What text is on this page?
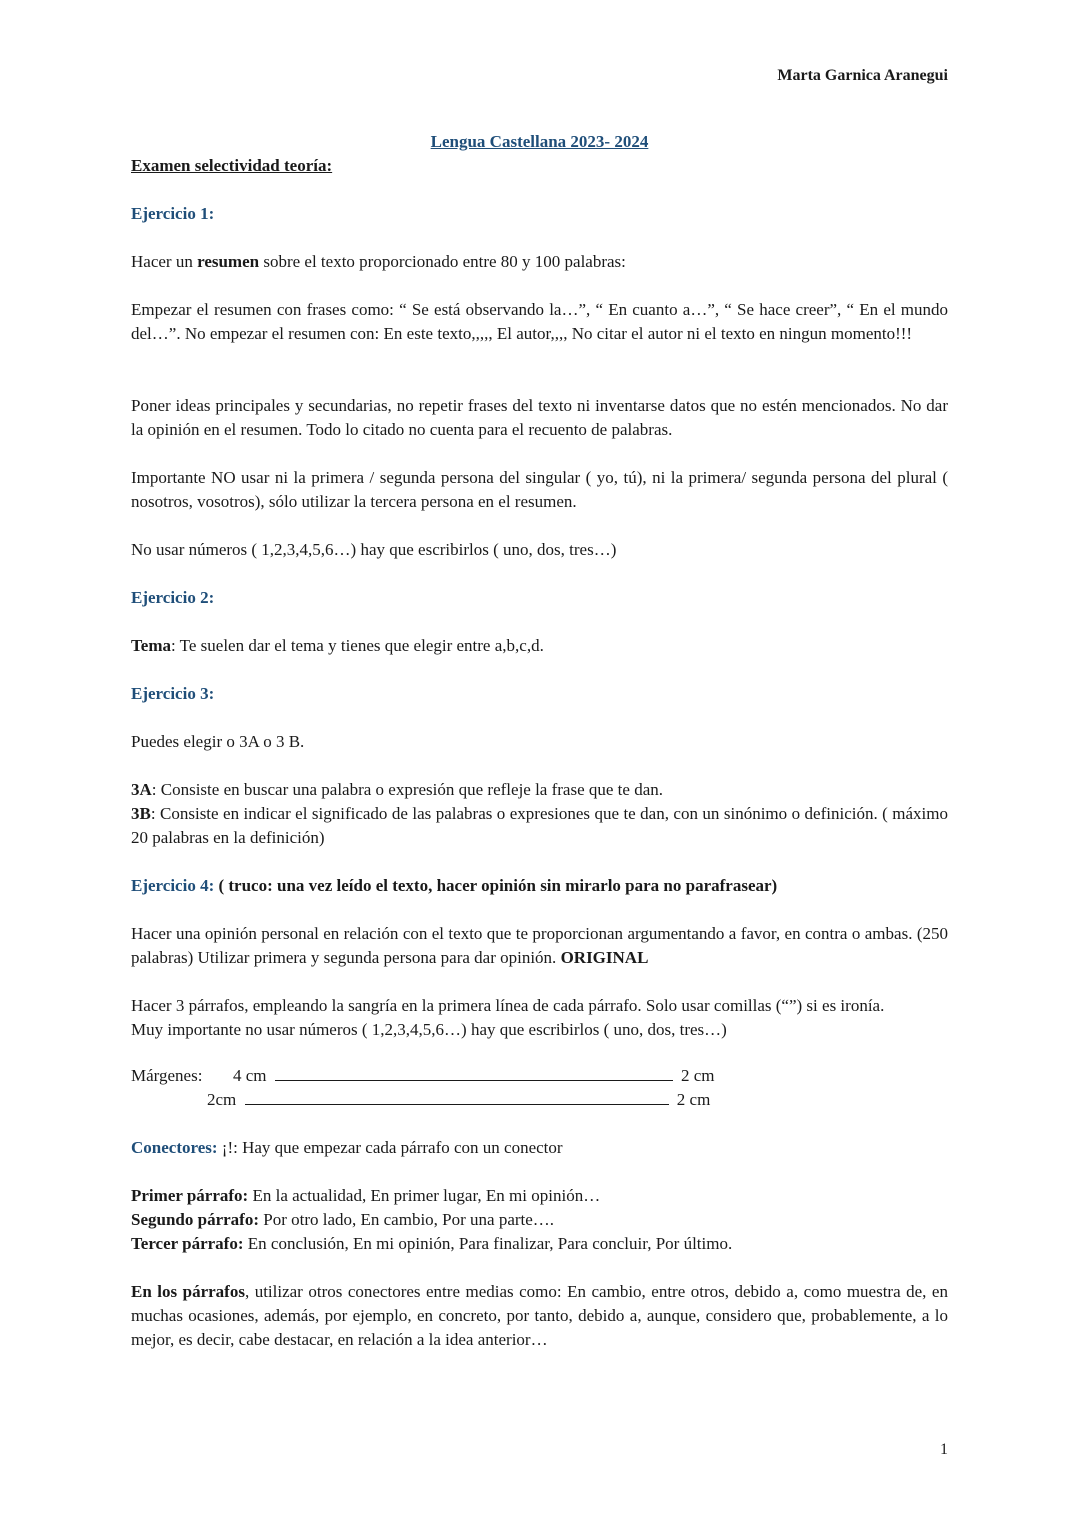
Marta Garnica Aranegui
Lengua Castellana 2023- 2024
Examen selectividad teoría:
Ejercicio 1:
Hacer un resumen sobre el texto proporcionado entre 80 y 100 palabras:
Empezar el resumen con frases como: “ Se está observando la…”, “ En cuanto a…”, “ Se hace creer”, “ En el mundo del…”. No empezar el resumen con: En este texto,,,,, El autor,,,, No citar el autor ni el texto en ningun momento!!!
Poner ideas principales y secundarias, no repetir frases del texto ni inventarse datos que no estén mencionados. No dar la opinión en el resumen. Todo lo citado no cuenta para el recuento de palabras.
Importante NO usar ni la primera / segunda persona del singular ( yo, tú), ni la primera/ segunda persona del plural ( nosotros, vosotros), sólo utilizar la tercera persona en el resumen.
No usar números ( 1,2,3,4,5,6…) hay que escribirlos ( uno, dos, tres…)
Ejercicio 2:
Tema: Te suelen dar el tema y tienes que elegir entre a,b,c,d.
Ejercicio 3:
Puedes elegir o 3A o 3 B.
3A: Consiste en buscar una palabra o expresión que refleje la frase que te dan.
3B: Consiste en indicar el significado de las palabras o expresiones que te dan, con un sinónimo o definición. ( máximo 20 palabras en la definición)
Ejercicio 4: ( truco: una vez leído el texto, hacer opinión sin mirarlo para no parafrasear)
Hacer una opinión personal en relación con el texto que te proporcionan argumentando a favor, en contra o ambas. (250 palabras) Utilizar primera y segunda persona para dar opinión. ORIGINAL
Hacer 3 párrafos, empleando la sangría en la primera línea de cada párrafo. Solo usar comillas (“”) si es ironía.
Muy importante no usar números ( 1,2,3,4,5,6…) hay que escribirlos ( uno, dos, tres…)
Márgenes: 4 cm	2 cm
2cm	2 cm
Conectores: ¡!: Hay que empezar cada párrafo con un conector
Primer párrafo: En la actualidad, En primer lugar, En mi opinión…
Segundo párrafo: Por otro lado, En cambio, Por una parte….
Tercer párrafo: En conclusión, En mi opinión, Para finalizar, Para concluir, Por último.
En los párrafos, utilizar otros conectores entre medias como: En cambio, entre otros, debido a, como muestra de, en muchas ocasiones, además, por ejemplo, en concreto, por tanto, debido a, aunque, considero que, probablemente, a lo mejor, es decir, cabe destacar, en relación a la idea anterior…
1
